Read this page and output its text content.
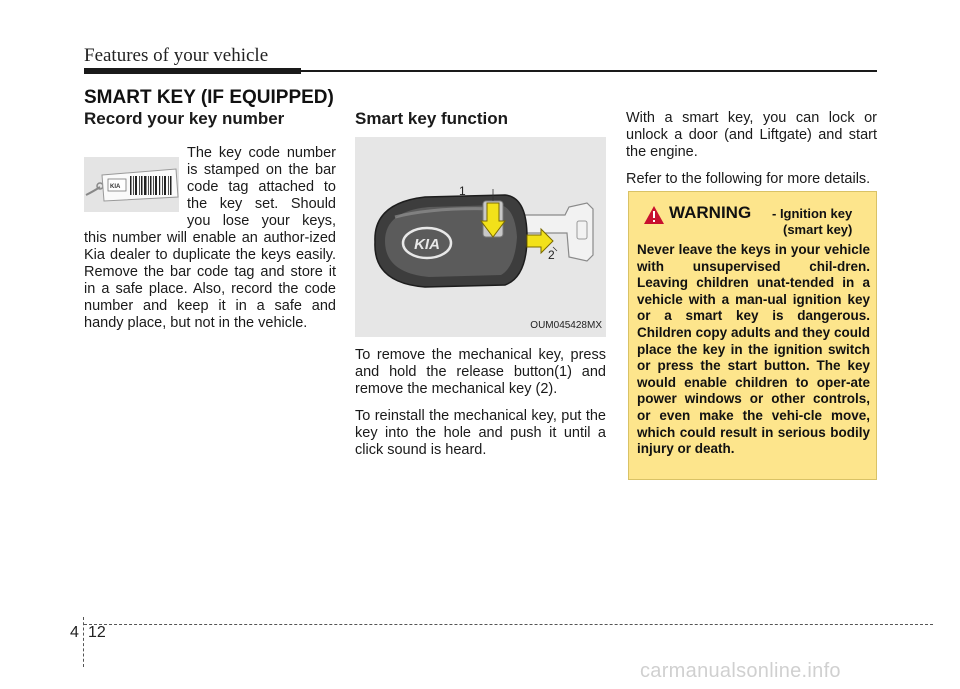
Features of your vehicle
SMART KEY (IF EQUIPPED)
Record your key number
KIA

The key code number is stamped on the bar code tag attached to the key set. Should you lose your keys, this number will enable an author-ized Kia dealer to duplicate the keys easily. Remove the bar code tag and store it in a safe place. Also, record the code number and keep it in a safe and handy place, but not in the vehicle.

Smart key function
KIA
1
2
OUM045428MX

To remove the mechanical key, press and hold the release button(1) and remove the mechanical key (2).

To reinstall the mechanical key, put the key into the hole and push it until a click sound is heard.

With a smart key, you can lock or unlock a door (and Liftgate) and start the engine.

Refer to the following for more details.

WARNING - Ignition key
(smart key)
Never leave the keys in your vehicle with unsupervised chil-dren. Leaving children unat-tended in a vehicle with a man-ual ignition key or a smart key is dangerous. Children copy adults and they could place the key in the ignition switch or press the start button. The key would enable children to oper-ate power windows or other controls, or even make the vehi-cle move, which could result in serious bodily injury or death.
4 12
carmanualsonline.info
